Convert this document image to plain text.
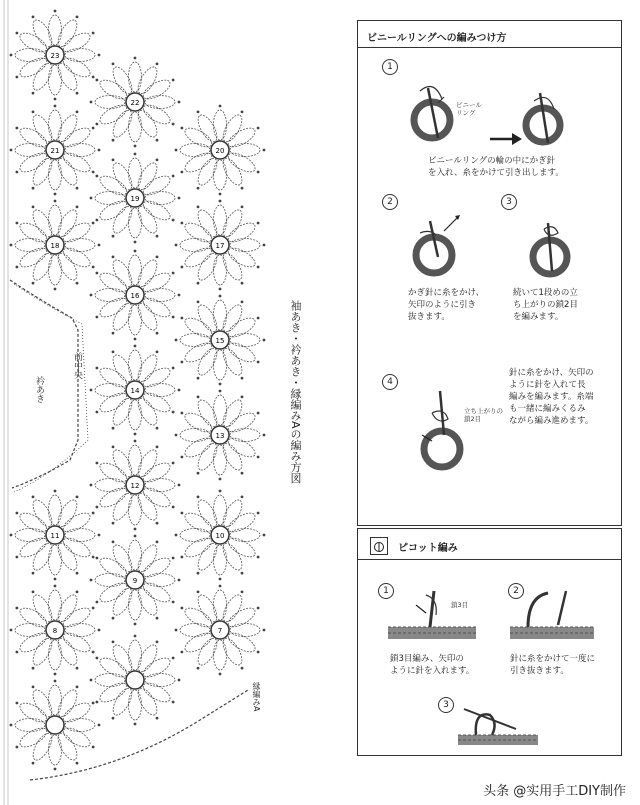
23
22
21	20
19
18	17
16
15
14
13
12
11	10
9
8	7
袖あき・衿あき・縁編みAの編み方図
前中央
衿あき
縁編みA
ビニールリングへの編みつけ方
1
ビニール
リング
ビニールリングの輪の中にかぎ針
を入れ、糸をかけて引き出します。
2
かぎ針に糸をかけ、
矢印のように引き
抜きます。
3
続いて1段めの立
ち上がりの鎖2目
を編みます。
4
立ち上がりの
鎖2目
針に糸をかけ、矢印の
ように針を入れて長
編みを編みます。糸端
も一緒に編みくるみ
ながら編み進めます。
ピコット編み
1
鎖3目
鎖3目編み、矢印の
ように針を入れます。
2
針に糸をかけて一度に
引き抜きます。
3
头条 @实用手工DIY制作
